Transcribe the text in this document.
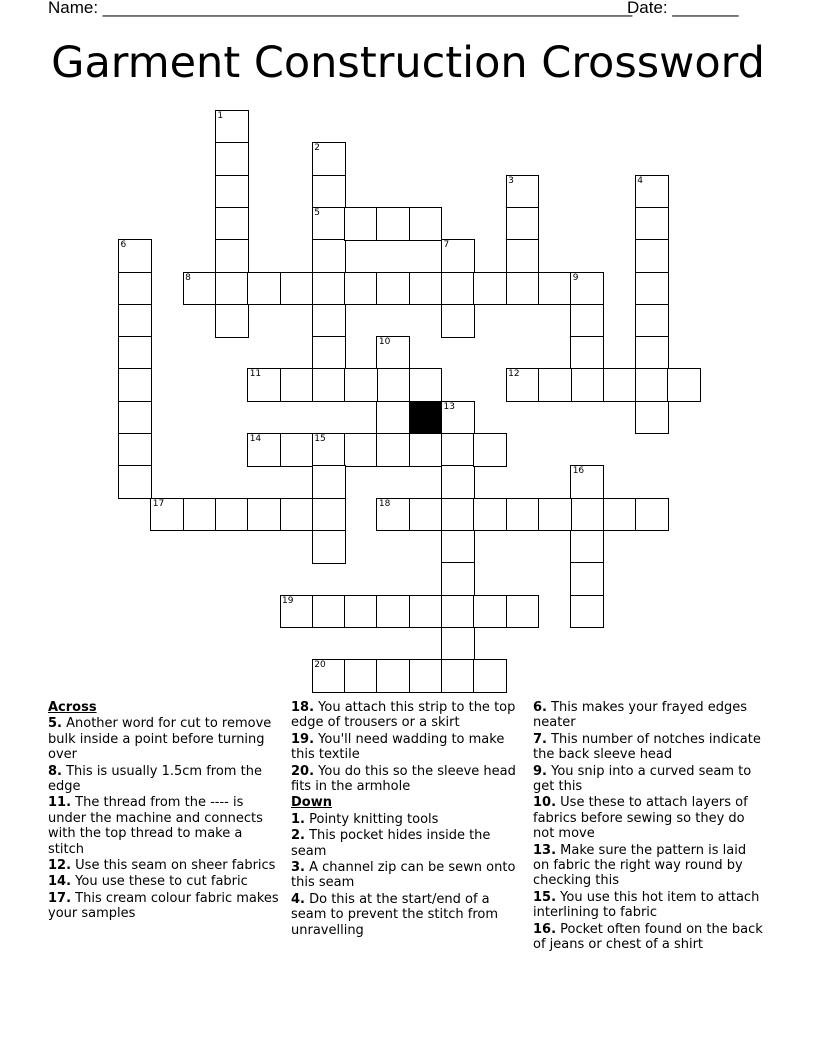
Name: ________________________________________________________
Date: _______
Garment Construction Crossword
1
2
5
3	4
6	7
8	9
10
11	12
13
14	15
16
17	18
19
20
Across
5. Another word for cut to remove bulk inside a point before turning over
8. This is usually 1.5cm from the edge
11. The thread from the ---- is under the machine and connects with the top thread to make a stitch
12. Use this seam on sheer fabrics
14. You use these to cut fabric
17. This cream colour fabric makes your samples
18. You attach this strip to the top edge of trousers or a skirt
19. You'll need wadding to make this textile
20. You do this so the sleeve head fits in the armhole
Down
1. Pointy knitting tools
2. This pocket hides inside the seam
3. A channel zip can be sewn onto this seam
4. Do this at the start/end of a seam to prevent the stitch from unravelling
6. This makes your frayed edges neater
7. This number of notches indicate the back sleeve head
9. You snip into a curved seam to get this
10. Use these to attach layers of fabrics before sewing so they do not move
13. Make sure the pattern is laid on fabric the right way round by checking this
15. You use this hot item to attach interlining to fabric
16. Pocket often found on the back of jeans or chest of a shirt
